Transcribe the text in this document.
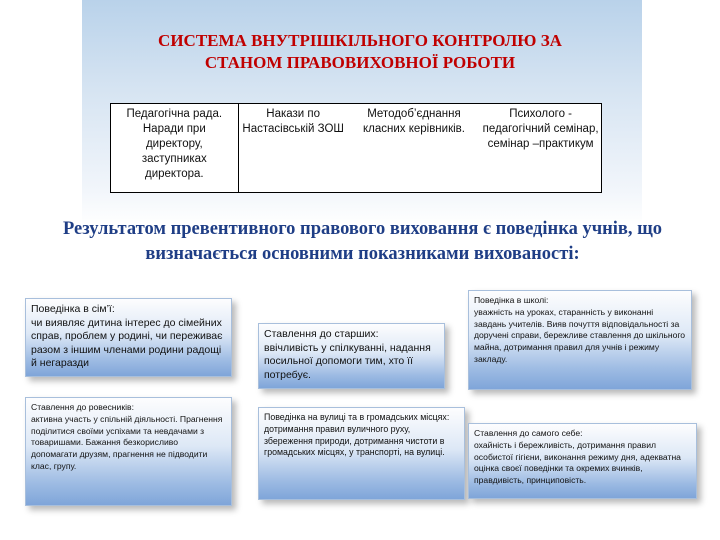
СИСТЕМА ВНУТРІШКІЛЬНОГО КОНТРОЛЮ ЗА
СТАНОМ ПРАВОВИХОВНОЇ РОБОТИ
Педагогічна рада. Наради при директору, заступниках директора.
Накази по Настасівській ЗОШ
Методоб’єднання класних керівників.
Психолого - педагогічний семінар, семінар –практикум

Результатом превентивного правового виховання є поведінка учнів, що визначається основними показниками вихованості:

Поведінка в сім’ї:
чи виявляє дитина інтерес до сімейних справ, проблем у родині, чи переживає разом з іншим членами родини радощі й негаразди
Ставлення до старших:
ввічливість у спілкуванні, надання посильної допомоги тим, хто її потребує.
Поведінка в школі:
уважність на уроках, старанність у виконанні завдань учителів. Вияв почуття відповідальності за доручені справи, бережливе ставлення до шкільного майна, дотримання правил для учнів і режиму закладу.
Ставлення до ровесників:
активна участь у спільній діяльності. Прагнення поділитися своїми успіхами та невдачами з товаришами. Бажання безкорисливо допомагати друзям, прагнення не підводити клас, групу.
Поведінка на вулиці та в громадських місцях:
дотримання правил вуличного руху, збереження природи, дотримання чистоти в громадських місцях, у транспорті, на вулиці.
Ставлення до самого себе:
охайність і бережливість, дотримання правил особистої гігієни, виконання режиму дня, адекватна оцінка своєї поведінки та окремих вчинків, правдивість, принциповість.
